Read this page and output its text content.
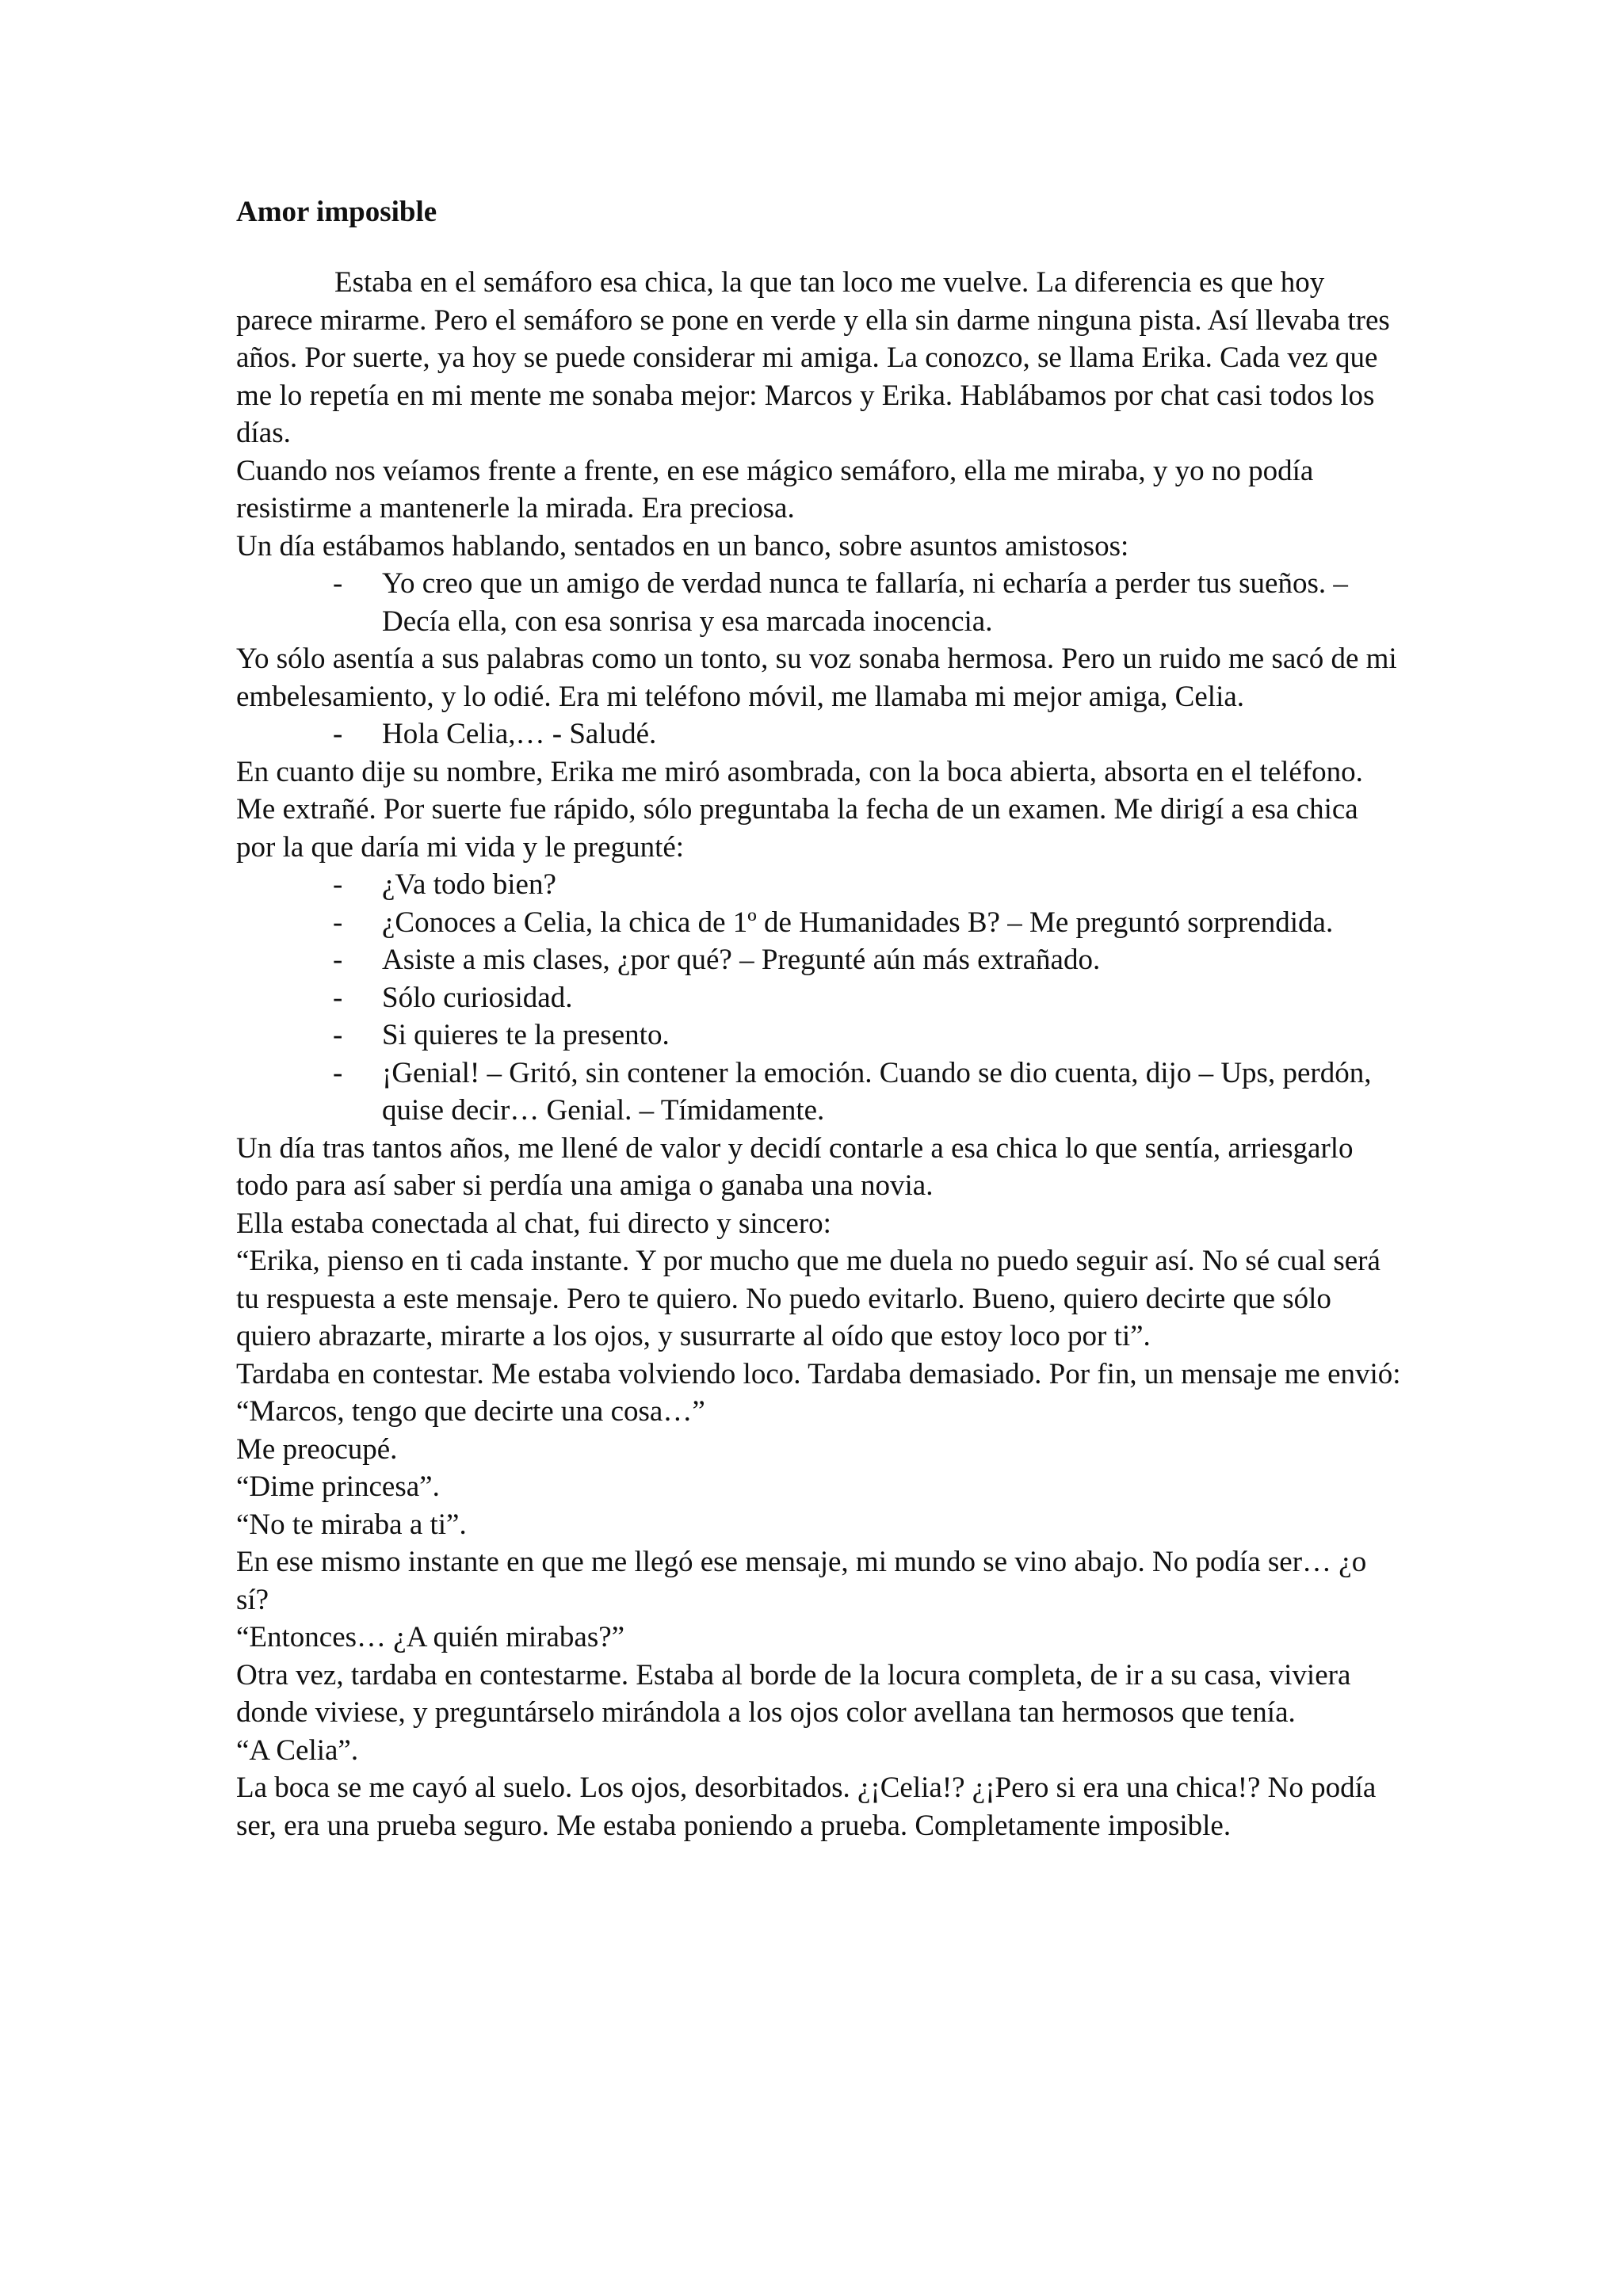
Amor imposible

Estaba en el semáforo esa chica, la que tan loco me vuelve. La diferencia es que hoy parece mirarme. Pero el semáforo se pone en verde y ella sin darme ninguna pista. Así llevaba tres años. Por suerte, ya hoy se puede considerar mi amiga. La conozco, se llama Erika. Cada vez que me lo repetía en mi mente me sonaba mejor: Marcos y Erika. Hablábamos por chat casi todos los días.

Cuando nos veíamos frente a frente, en ese mágico semáforo, ella me miraba, y yo no podía resistirme a mantenerle la mirada. Era preciosa.

Un día estábamos hablando, sentados en un banco, sobre asuntos amistosos:

- Yo creo que un amigo de verdad nunca te fallaría, ni echaría a perder tus sueños. – Decía ella, con esa sonrisa y esa marcada inocencia.

Yo sólo asentía a sus palabras como un tonto, su voz sonaba hermosa. Pero un ruido me sacó de mi embelesamiento, y lo odié. Era mi teléfono móvil, me llamaba mi mejor amiga, Celia.

- Hola Celia,… - Saludé.

En cuanto dije su nombre, Erika me miró asombrada, con la boca abierta, absorta en el teléfono. Me extrañé. Por suerte fue rápido, sólo preguntaba la fecha de un examen. Me dirigí a esa chica por la que daría mi vida y le pregunté:

- ¿Va todo bien?
- ¿Conoces a Celia, la chica de 1º de Humanidades B? – Me preguntó sorprendida.
- Asiste a mis clases, ¿por qué? – Pregunté aún más extrañado.
- Sólo curiosidad.
- Si quieres te la presento.
- ¡Genial! – Gritó, sin contener la emoción. Cuando se dio cuenta, dijo – Ups, perdón, quise decir… Genial. – Tímidamente.

Un día tras tantos años, me llené de valor y decidí contarle a esa chica lo que sentía, arriesgarlo todo para así saber si perdía una amiga o ganaba una novia.

Ella estaba conectada al chat, fui directo y sincero:

“Erika, pienso en ti cada instante. Y por mucho que me duela no puedo seguir así. No sé cual será tu respuesta a este mensaje. Pero te quiero. No puedo evitarlo. Bueno, quiero decirte que sólo quiero abrazarte, mirarte a los ojos, y susurrarte al oído que estoy loco por ti”.

Tardaba en contestar. Me estaba volviendo loco. Tardaba demasiado. Por fin, un mensaje me envió:

“Marcos, tengo que decirte una cosa…”

Me preocupé.

“Dime princesa”.

“No te miraba a ti”.

En ese mismo instante en que me llegó ese mensaje, mi mundo se vino abajo. No podía ser… ¿o sí?

“Entonces… ¿A quién mirabas?”

Otra vez, tardaba en contestarme. Estaba al borde de la locura completa, de ir a su casa, viviera donde viviese, y preguntárselo mirándola a los ojos color avellana tan hermosos que tenía.

“A Celia”.

La boca se me cayó al suelo. Los ojos, desorbitados. ¿¡Celia!? ¿¡Pero si era una chica!? No podía ser, era una prueba seguro. Me estaba poniendo a prueba. Completamente imposible.
